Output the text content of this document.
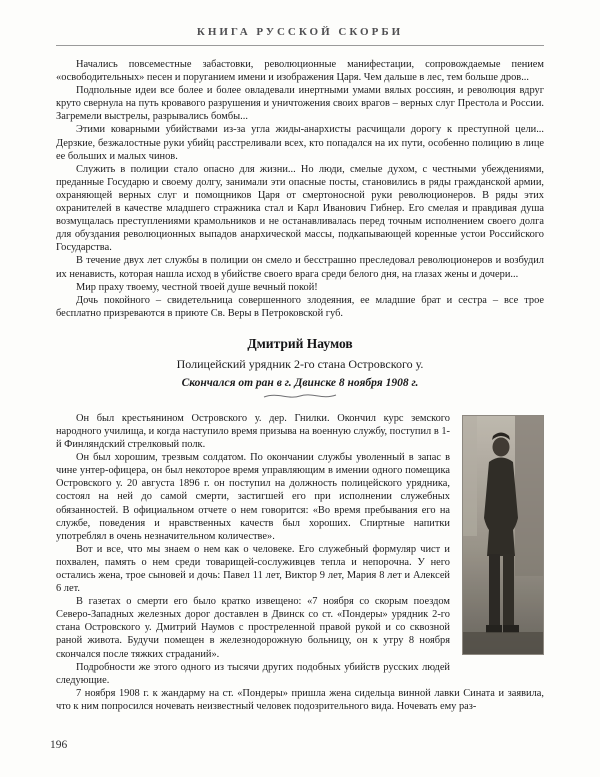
КНИГА РУССКОЙ СКОРБИ

Начались повсеместные забастовки, революционные манифестации, сопровождаемые пением «освободительных» песен и поруганием имени и изображения Царя. Чем дальше в лес, тем больше дров...

Подпольные идеи все более и более овладевали инертными умами вялых россиян, и революция вдруг круто свернула на путь кровавого разрушения и уничтожения своих врагов – верных слуг Престола и России. Загремели выстрелы, разрывались бомбы...

Этими коварными убийствами из-за угла жиды-анархисты расчищали дорогу к преступной цели... Дерзкие, безжалостные руки убийц расстреливали всех, кто попадался на их пути, особенно полицию в лице ее больших и малых чинов.

Служить в полиции стало опасно для жизни... Но люди, смелые духом, с честными убеждениями, преданные Государю и своему долгу, занимали эти опасные посты, становились в ряды гражданской армии, охраняющей верных слуг и помощников Царя от смертоносной руки революционеров. В ряды этих охранителей в качестве младшего стражника стал и Карл Иванович Гибнер. Его смелая и правдивая душа возмущалась преступлениями крамольников и не останавливалась перед точным исполнением своего долга для обуздания революционных выпадов анархической массы, подкапывающей коренные устои Российского Государства.

В течение двух лет службы в полиции он смело и бесстрашно преследовал революционеров и возбудил их ненависть, которая нашла исход в убийстве своего врага среди белого дня, на глазах жены и дочери...

Мир праху твоему, честной твоей душе вечный покой!

Дочь покойного – свидетельница совершенного злодеяния, ее младшие брат и сестра – все трое бесплатно призреваются в приюте Св. Веры в Петроковской губ.

Дмитрий Наумов
Полицейский урядник 2-го стана Островского у.
Скончался от ран в г. Двинске 8 ноября 1908 г.

Он был крестьянином Островского у. дер. Гнилки. Окончил курс земского народного училища, и когда наступило время призыва на военную службу, поступил в 1-й Финляндский стрелковый полк.

Он был хорошим, трезвым солдатом. По окончании службы уволенный в запас в чине унтер-офицера, он был некоторое время управляющим в имении одного помещика Островского у. 20 августа 1896 г. он поступил на должность полицейского урядника, состоял на ней до самой смерти, застигшей его при исполнении служебных обязанностей. В официальном отчете о нем говорится: «Во время пребывания его на службе, поведения и нравственных качеств был хороших. Спиртные напитки употреблял в очень незначительном количестве».

Вот и все, что мы знаем о нем как о человеке. Его служебный формуляр чист и похвален, память о нем среди товарищей-сослуживцев тепла и непорочна. У него остались жена, трое сыновей и дочь: Павел 11 лет, Виктор 9 лет, Мария 8 лет и Алексей 6 лет.

В газетах о смерти его было кратко извещено: «7 ноября со скорым поездом Северо-Западных железных дорог доставлен в Двинск со ст. «Пондеры» урядник 2-го стана Островского у. Дмитрий Наумов с простреленной правой рукой и со сквозной раной живота. Будучи помещен в железнодорожную больницу, он к утру 8 ноября скончался после тяжких страданий».

Подробности же этого одного из тысячи других подобных убийств русских людей следующие.

7 ноября 1908 г. к жандарму на ст. «Пондеры» пришла жена сидельца винной лавки Сината и заявила, что к ним попросился ночевать неизвестный человек подозрительного вида. Ночевать ему раз-

196
